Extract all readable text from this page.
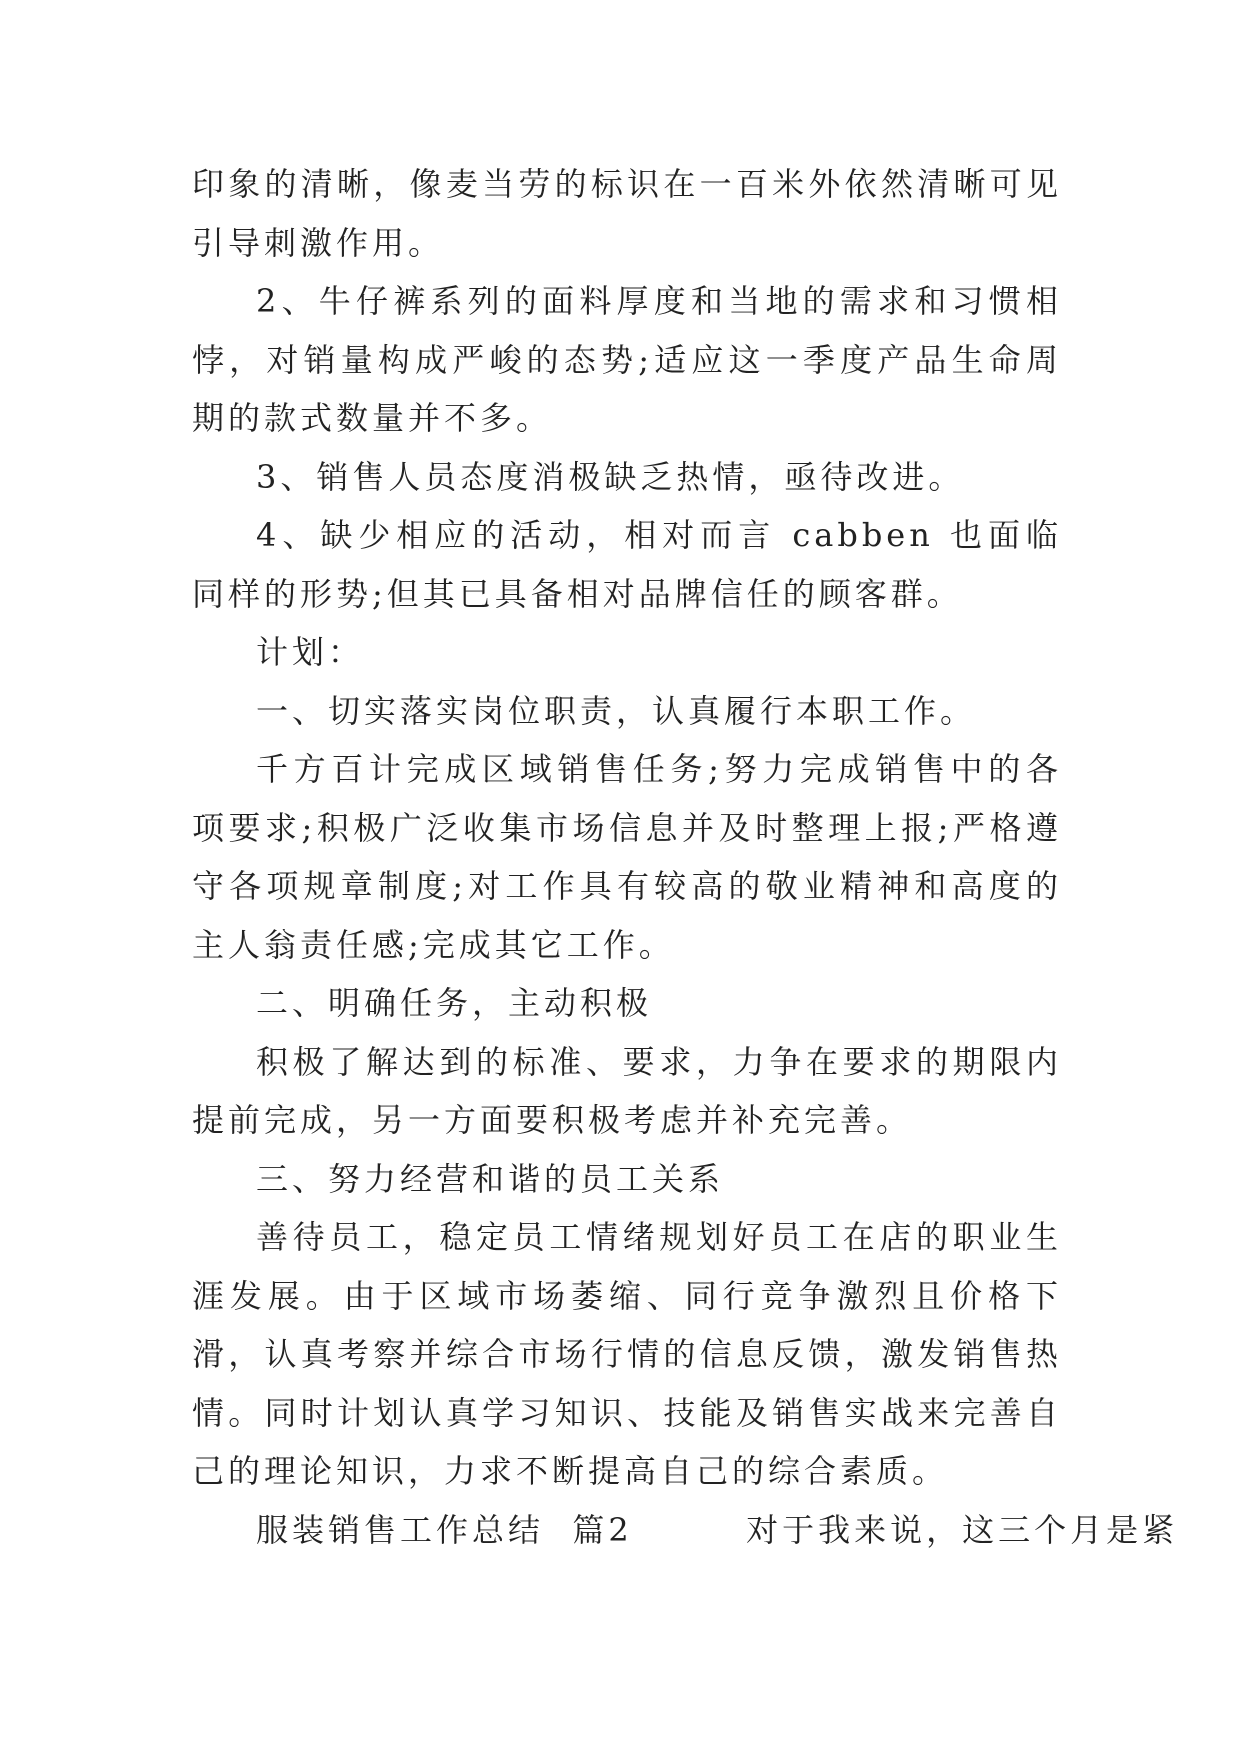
印象的清晰，像麦当劳的标识在一百米外依然清晰可见引导刺激作用。

2、牛仔裤系列的面料厚度和当地的需求和习惯相悖，对销量构成严峻的态势;适应这一季度产品生命周期的款式数量并不多。

3、销售人员态度消极缺乏热情，亟待改进。

4、缺少相应的活动，相对而言 cabben 也面临同样的形势;但其已具备相对品牌信任的顾客群。

计划：

一、切实落实岗位职责，认真履行本职工作。

千方百计完成区域销售任务;努力完成销售中的各项要求;积极广泛收集市场信息并及时整理上报;严格遵守各项规章制度;对工作具有较高的敬业精神和高度的主人翁责任感;完成其它工作。

二、明确任务，主动积极

积极了解达到的标准、要求，力争在要求的期限内提前完成，另一方面要积极考虑并补充完善。

三、努力经营和谐的员工关系

善待员工，稳定员工情绪规划好员工在店的职业生涯发展。由于区域市场萎缩、同行竞争激烈且价格下滑，认真考察并综合市场行情的信息反馈，激发销售热情。同时计划认真学习知识、技能及销售实战来完善自己的理论知识，力求不断提高自己的综合素质。

服装销售工作总结  篇2        对于我来说，这三个月是紧
